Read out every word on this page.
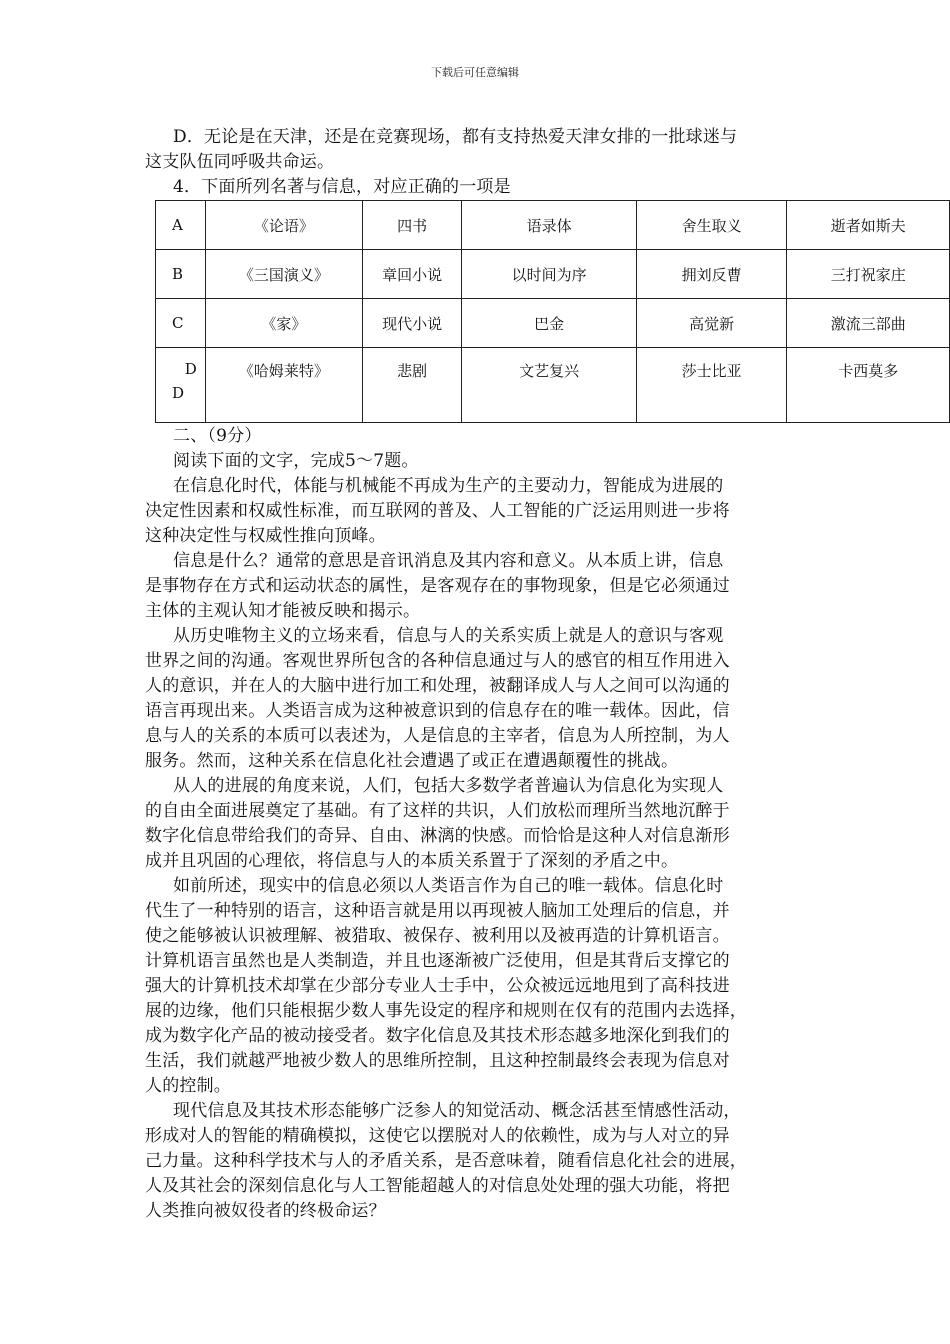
下载后可任意编辑
D．无论是在天津，还是在竞赛现场，都有支持热爱天津女排的一批球迷与
这支队伍同呼吸共命运。
4．下面所列名著与信息，对应正确的一项是
A	《论语》	四书	语录体	舍生取义	逝者如斯夫
B	《三国演义》	章回小说	以时间为序	拥刘反曹	三打祝家庄
C	《家》	现代小说	巴金	高觉新	激流三部曲

D
D	《哈姆莱特》	悲剧	文艺复兴	莎士比亚	卡西莫多
二、（9分）
阅读下面的文字，完成5～7题。
在信息化时代，体能与机械能不再成为生产的主要动力，智能成为进展的
决定性因素和权威性标准，而互联网的普及、人工智能的广泛运用则进一步将
这种决定性与权威性推向顶峰。
信息是什么？通常的意思是音讯消息及其内容和意义。从本质上讲，信息
是事物存在方式和运动状态的属性，是客观存在的事物现象，但是它必须通过
主体的主观认知才能被反映和揭示。
从历史唯物主义的立场来看，信息与人的关系实质上就是人的意识与客观
世界之间的沟通。客观世界所包含的各种信息通过与人的感官的相互作用进入
人的意识，并在人的大脑中进行加工和处理，被翻译成人与人之间可以沟通的
语言再现出来。人类语言成为这种被意识到的信息存在的唯一载体。因此，信
息与人的关系的本质可以表述为，人是信息的主宰者，信息为人所控制，为人
服务。然而，这种关系在信息化社会遭遇了或正在遭遇颠覆性的挑战。
从人的进展的角度来说，人们，包括大多数学者普遍认为信息化为实现人
的自由全面进展奠定了基础。有了这样的共识，人们放松而理所当然地沉醉于
数字化信息带给我们的奇异、自由、淋漓的快感。而恰恰是这种人对信息渐形
成并且巩固的心理依，将信息与人的本质关系置于了深刻的矛盾之中。
如前所述，现实中的信息必须以人类语言作为自己的唯一载体。信息化时
代生了一种特别的语言，这种语言就是用以再现被人脑加工处理后的信息，并
使之能够被认识被理解、被猎取、被保存、被利用以及被再造的计算机语言。
计算机语言虽然也是人类制造，并且也逐渐被广泛使用，但是其背后支撑它的
强大的计算机技术却掌在少部分专业人士手中，公众被远远地甩到了高科技进
展的边缘，他们只能根据少数人事先设定的程序和规则在仅有的范围内去选择，
成为数字化产品的被动接受者。数字化信息及其技术形态越多地深化到我们的
生活，我们就越严地被少数人的思维所控制，且这种控制最终会表现为信息对
人的控制。
现代信息及其技术形态能够广泛参人的知觉活动、概念活甚至情感性活动，
形成对人的智能的精确模拟，这使它以摆脱对人的依赖性，成为与人对立的异
己力量。这种科学技术与人的矛盾关系，是否意味着，随看信息化社会的进展，
人及其社会的深刻信息化与人工智能超越人的对信息处处理的强大功能，将把
人类推向被奴役者的终极命运？
